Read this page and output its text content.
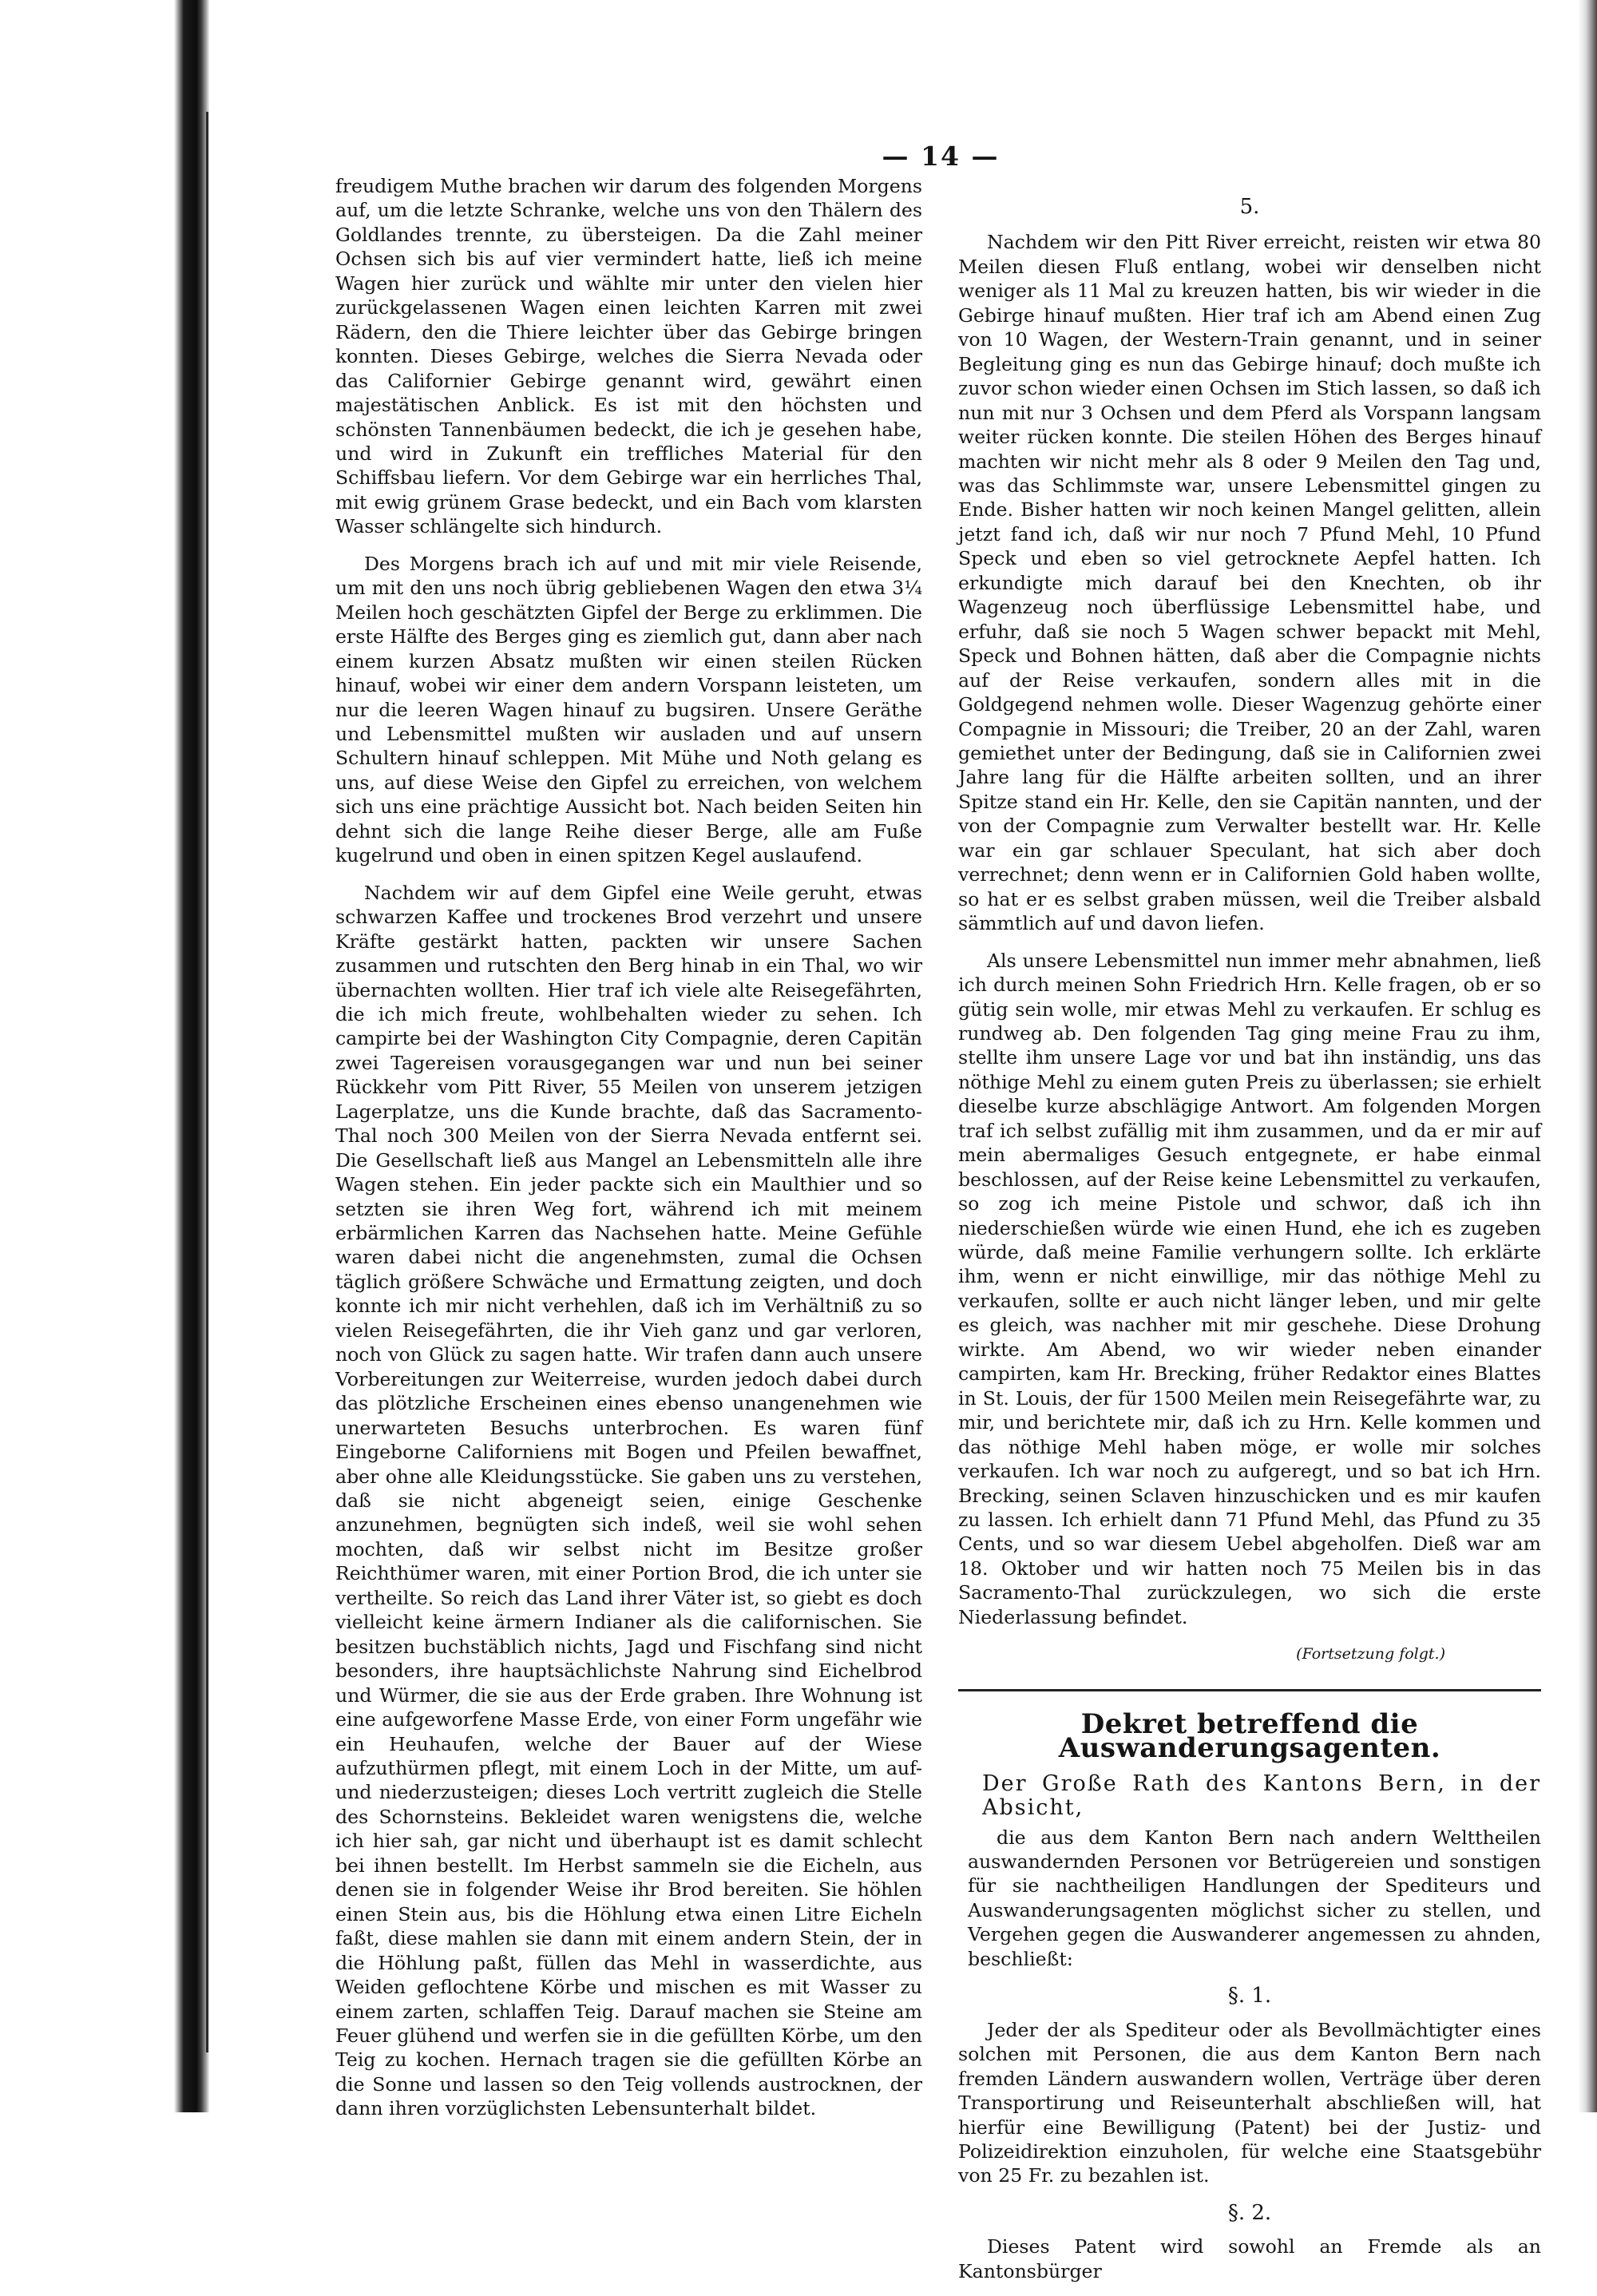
— 14 —

freudigem Muthe brachen wir darum des folgenden Morgens auf, um die letzte Schranke, welche uns von den Thälern des Goldlandes trennte, zu übersteigen. Da die Zahl meiner Ochsen sich bis auf vier vermindert hatte, ließ ich meine Wagen hier zurück und wählte mir unter den vielen hier zurückgelassenen Wagen einen leichten Karren mit zwei Rädern, den die Thiere leichter über das Gebirge bringen konnten. Dieses Gebirge, welches die Sierra Nevada oder das Californier Gebirge genannt wird, gewährt einen majestätischen Anblick. Es ist mit den höchsten und schönsten Tannenbäumen bedeckt, die ich je gesehen habe, und wird in Zukunft ein treffliches Material für den Schiffsbau liefern. Vor dem Gebirge war ein herrliches Thal, mit ewig grünem Grase bedeckt, und ein Bach vom klarsten Wasser schlängelte sich hindurch.

Des Morgens brach ich auf und mit mir viele Reisende, um mit den uns noch übrig gebliebenen Wagen den etwa 3¼ Meilen hoch geschätzten Gipfel der Berge zu erklimmen. Die erste Hälfte des Berges ging es ziemlich gut, dann aber nach einem kurzen Absatz mußten wir einen steilen Rücken hinauf, wobei wir einer dem andern Vorspann leisteten, um nur die leeren Wagen hinauf zu bugsiren. Unsere Geräthe und Lebensmittel mußten wir ausladen und auf unsern Schultern hinauf schleppen. Mit Mühe und Noth gelang es uns, auf diese Weise den Gipfel zu erreichen, von welchem sich uns eine prächtige Aussicht bot. Nach beiden Seiten hin dehnt sich die lange Reihe dieser Berge, alle am Fuße kugelrund und oben in einen spitzen Kegel auslaufend.

Nachdem wir auf dem Gipfel eine Weile geruht, etwas schwarzen Kaffee und trockenes Brod verzehrt und unsere Kräfte gestärkt hatten, packten wir unsere Sachen zusammen und rutschten den Berg hinab in ein Thal, wo wir übernachten wollten. Hier traf ich viele alte Reisegefährten, die ich mich freute, wohlbehalten wieder zu sehen. Ich campirte bei der Washington City Compagnie, deren Capitän zwei Tagereisen vorausgegangen war und nun bei seiner Rückkehr vom Pitt River, 55 Meilen von unserem jetzigen Lagerplatze, uns die Kunde brachte, daß das Sacramento-Thal noch 300 Meilen von der Sierra Nevada entfernt sei. Die Gesellschaft ließ aus Mangel an Lebensmitteln alle ihre Wagen stehen. Ein jeder packte sich ein Maulthier und so setzten sie ihren Weg fort, während ich mit meinem erbärmlichen Karren das Nachsehen hatte. Meine Gefühle waren dabei nicht die angenehmsten, zumal die Ochsen täglich größere Schwäche und Ermattung zeigten, und doch konnte ich mir nicht verhehlen, daß ich im Verhältniß zu so vielen Reisegefährten, die ihr Vieh ganz und gar verloren, noch von Glück zu sagen hatte. Wir trafen dann auch unsere Vorbereitungen zur Weiterreise, wurden jedoch dabei durch das plötzliche Erscheinen eines ebenso unangenehmen wie unerwarteten Besuchs unterbrochen. Es waren fünf Eingeborne Californiens mit Bogen und Pfeilen bewaffnet, aber ohne alle Kleidungsstücke. Sie gaben uns zu verstehen, daß sie nicht abgeneigt seien, einige Geschenke anzunehmen, begnügten sich indeß, weil sie wohl sehen mochten, daß wir selbst nicht im Besitze großer Reichthümer waren, mit einer Portion Brod, die ich unter sie vertheilte. So reich das Land ihrer Väter ist, so giebt es doch vielleicht keine ärmern Indianer als die californischen. Sie besitzen buchstäblich nichts, Jagd und Fischfang sind nicht besonders, ihre hauptsächlichste Nahrung sind Eichelbrod und Würmer, die sie aus der Erde graben. Ihre Wohnung ist eine aufgeworfene Masse Erde, von einer Form ungefähr wie ein Heuhaufen, welche der Bauer auf der Wiese aufzuthürmen pflegt, mit einem Loch in der Mitte, um auf- und niederzusteigen; dieses Loch vertritt zugleich die Stelle des Schornsteins. Bekleidet waren wenigstens die, welche ich hier sah, gar nicht und überhaupt ist es damit schlecht bei ihnen bestellt. Im Herbst sammeln sie die Eicheln, aus denen sie in folgender Weise ihr Brod bereiten. Sie höhlen einen Stein aus, bis die Höhlung etwa einen Litre Eicheln faßt, diese mahlen sie dann mit einem andern Stein, der in die Höhlung paßt, füllen das Mehl in wasserdichte, aus Weiden geflochtene Körbe und mischen es mit Wasser zu einem zarten, schlaffen Teig. Darauf machen sie Steine am Feuer glühend und werfen sie in die gefüllten Körbe, um den Teig zu kochen. Hernach tragen sie die gefüllten Körbe an die Sonne und lassen so den Teig vollends austrocknen, der dann ihren vorzüglichsten Lebensunterhalt bildet.

5.

Nachdem wir den Pitt River erreicht, reisten wir etwa 80 Meilen diesen Fluß entlang, wobei wir denselben nicht weniger als 11 Mal zu kreuzen hatten, bis wir wieder in die Gebirge hinauf mußten. Hier traf ich am Abend einen Zug von 10 Wagen, der Western-Train genannt, und in seiner Begleitung ging es nun das Gebirge hinauf; doch mußte ich zuvor schon wieder einen Ochsen im Stich lassen, so daß ich nun mit nur 3 Ochsen und dem Pferd als Vorspann langsam weiter rücken konnte. Die steilen Höhen des Berges hinauf machten wir nicht mehr als 8 oder 9 Meilen den Tag und, was das Schlimmste war, unsere Lebensmittel gingen zu Ende. Bisher hatten wir noch keinen Mangel gelitten, allein jetzt fand ich, daß wir nur noch 7 Pfund Mehl, 10 Pfund Speck und eben so viel getrocknete Aepfel hatten. Ich erkundigte mich darauf bei den Knechten, ob ihr Wagenzeug noch überflüssige Lebensmittel habe, und erfuhr, daß sie noch 5 Wagen schwer bepackt mit Mehl, Speck und Bohnen hätten, daß aber die Compagnie nichts auf der Reise verkaufen, sondern alles mit in die Goldgegend nehmen wolle. Dieser Wagenzug gehörte einer Compagnie in Missouri; die Treiber, 20 an der Zahl, waren gemiethet unter der Bedingung, daß sie in Californien zwei Jahre lang für die Hälfte arbeiten sollten, und an ihrer Spitze stand ein Hr. Kelle, den sie Capitän nannten, und der von der Compagnie zum Verwalter bestellt war. Hr. Kelle war ein gar schlauer Speculant, hat sich aber doch verrechnet; denn wenn er in Californien Gold haben wollte, so hat er es selbst graben müssen, weil die Treiber alsbald sämmtlich auf und davon liefen.

Als unsere Lebensmittel nun immer mehr abnahmen, ließ ich durch meinen Sohn Friedrich Hrn. Kelle fragen, ob er so gütig sein wolle, mir etwas Mehl zu verkaufen. Er schlug es rundweg ab. Den folgenden Tag ging meine Frau zu ihm, stellte ihm unsere Lage vor und bat ihn inständig, uns das nöthige Mehl zu einem guten Preis zu überlassen; sie erhielt dieselbe kurze abschlägige Antwort. Am folgenden Morgen traf ich selbst zufällig mit ihm zusammen, und da er mir auf mein abermaliges Gesuch entgegnete, er habe einmal beschlossen, auf der Reise keine Lebensmittel zu verkaufen, so zog ich meine Pistole und schwor, daß ich ihn niederschießen würde wie einen Hund, ehe ich es zugeben würde, daß meine Familie verhungern sollte. Ich erklärte ihm, wenn er nicht einwillige, mir das nöthige Mehl zu verkaufen, sollte er auch nicht länger leben, und mir gelte es gleich, was nachher mit mir geschehe. Diese Drohung wirkte. Am Abend, wo wir wieder neben einander campirten, kam Hr. Brecking, früher Redaktor eines Blattes in St. Louis, der für 1500 Meilen mein Reisegefährte war, zu mir, und berichtete mir, daß ich zu Hrn. Kelle kommen und das nöthige Mehl haben möge, er wolle mir solches verkaufen. Ich war noch zu aufgeregt, und so bat ich Hrn. Brecking, seinen Sclaven hinzuschicken und es mir kaufen zu lassen. Ich erhielt dann 71 Pfund Mehl, das Pfund zu 35 Cents, und so war diesem Uebel abgeholfen. Dieß war am 18. Oktober und wir hatten noch 75 Meilen bis in das Sacramento-Thal zurückzulegen, wo sich die erste Niederlassung befindet.

(Fortsetzung folgt.)
Dekret betreffend die Auswanderungsagenten.
Der Große Rath des Kantons Bern, in der Absicht,

die aus dem Kanton Bern nach andern Welttheilen auswandernden Personen vor Betrügereien und sonstigen für sie nachtheiligen Handlungen der Spediteurs und Auswanderungsagenten möglichst sicher zu stellen, und Vergehen gegen die Auswanderer angemessen zu ahnden, beschließt:

§. 1.

Jeder der als Spediteur oder als Bevollmächtigter eines solchen mit Personen, die aus dem Kanton Bern nach fremden Ländern auswandern wollen, Verträge über deren Transportirung und Reiseunterhalt abschließen will, hat hierfür eine Bewilligung (Patent) bei der Justiz- und Polizeidirektion einzuholen, für welche eine Staatsgebühr von 25 Fr. zu bezahlen ist.

§. 2.

Dieses Patent wird sowohl an Fremde als an Kantonsbürger
